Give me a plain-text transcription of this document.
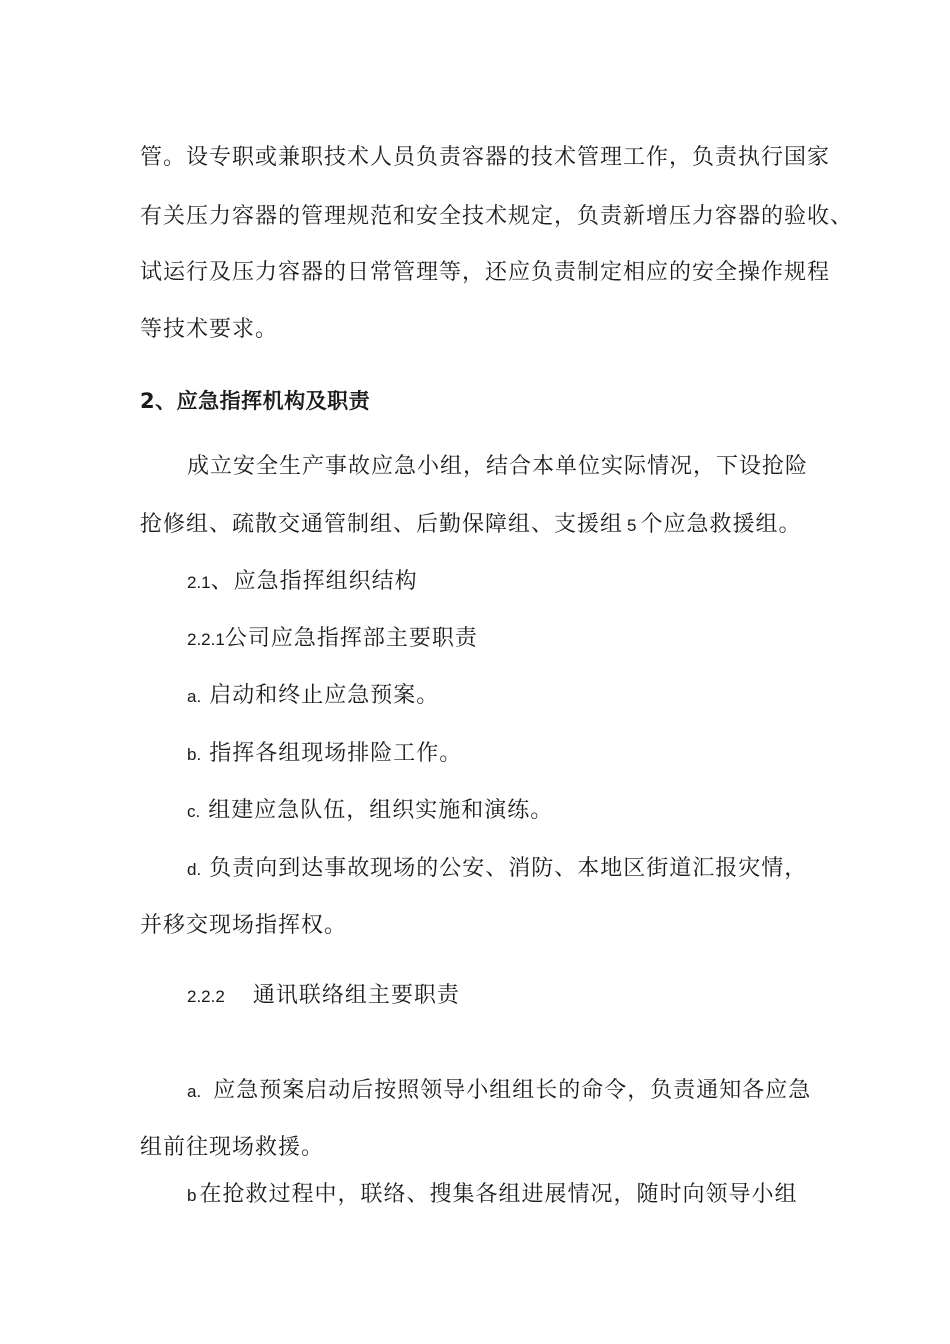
管。设专职或兼职技术人员负责容器的技术管理工作，负责执行国家
有关压力容器的管理规范和安全技术规定，负责新增压力容器的验收、
试运行及压力容器的日常管理等，还应负责制定相应的安全操作规程
等技术要求。
2、应急指挥机构及职责
成立安全生产事故应急小组，结合本单位实际情况，下设抢险
抢修组、疏散交通管制组、后勤保障组、支援组 5 个应急救援组。
2.1、应急指挥组织结构
2.2.1公司应急指挥部主要职责
a. 启动和终止应急预案。
b. 指挥各组现场排险工作。
c. 组建应急队伍，组织实施和演练。
d. 负责向到达事故现场的公安、消防、本地区街道汇报灾情，
并移交现场指挥权。
2.2.2 通讯联络组主要职责
a. 应急预案启动后按照领导小组组长的命令，负责通知各应急
组前往现场救援。
b 在抢救过程中，联络、搜集各组进展情况，随时向领导小组
